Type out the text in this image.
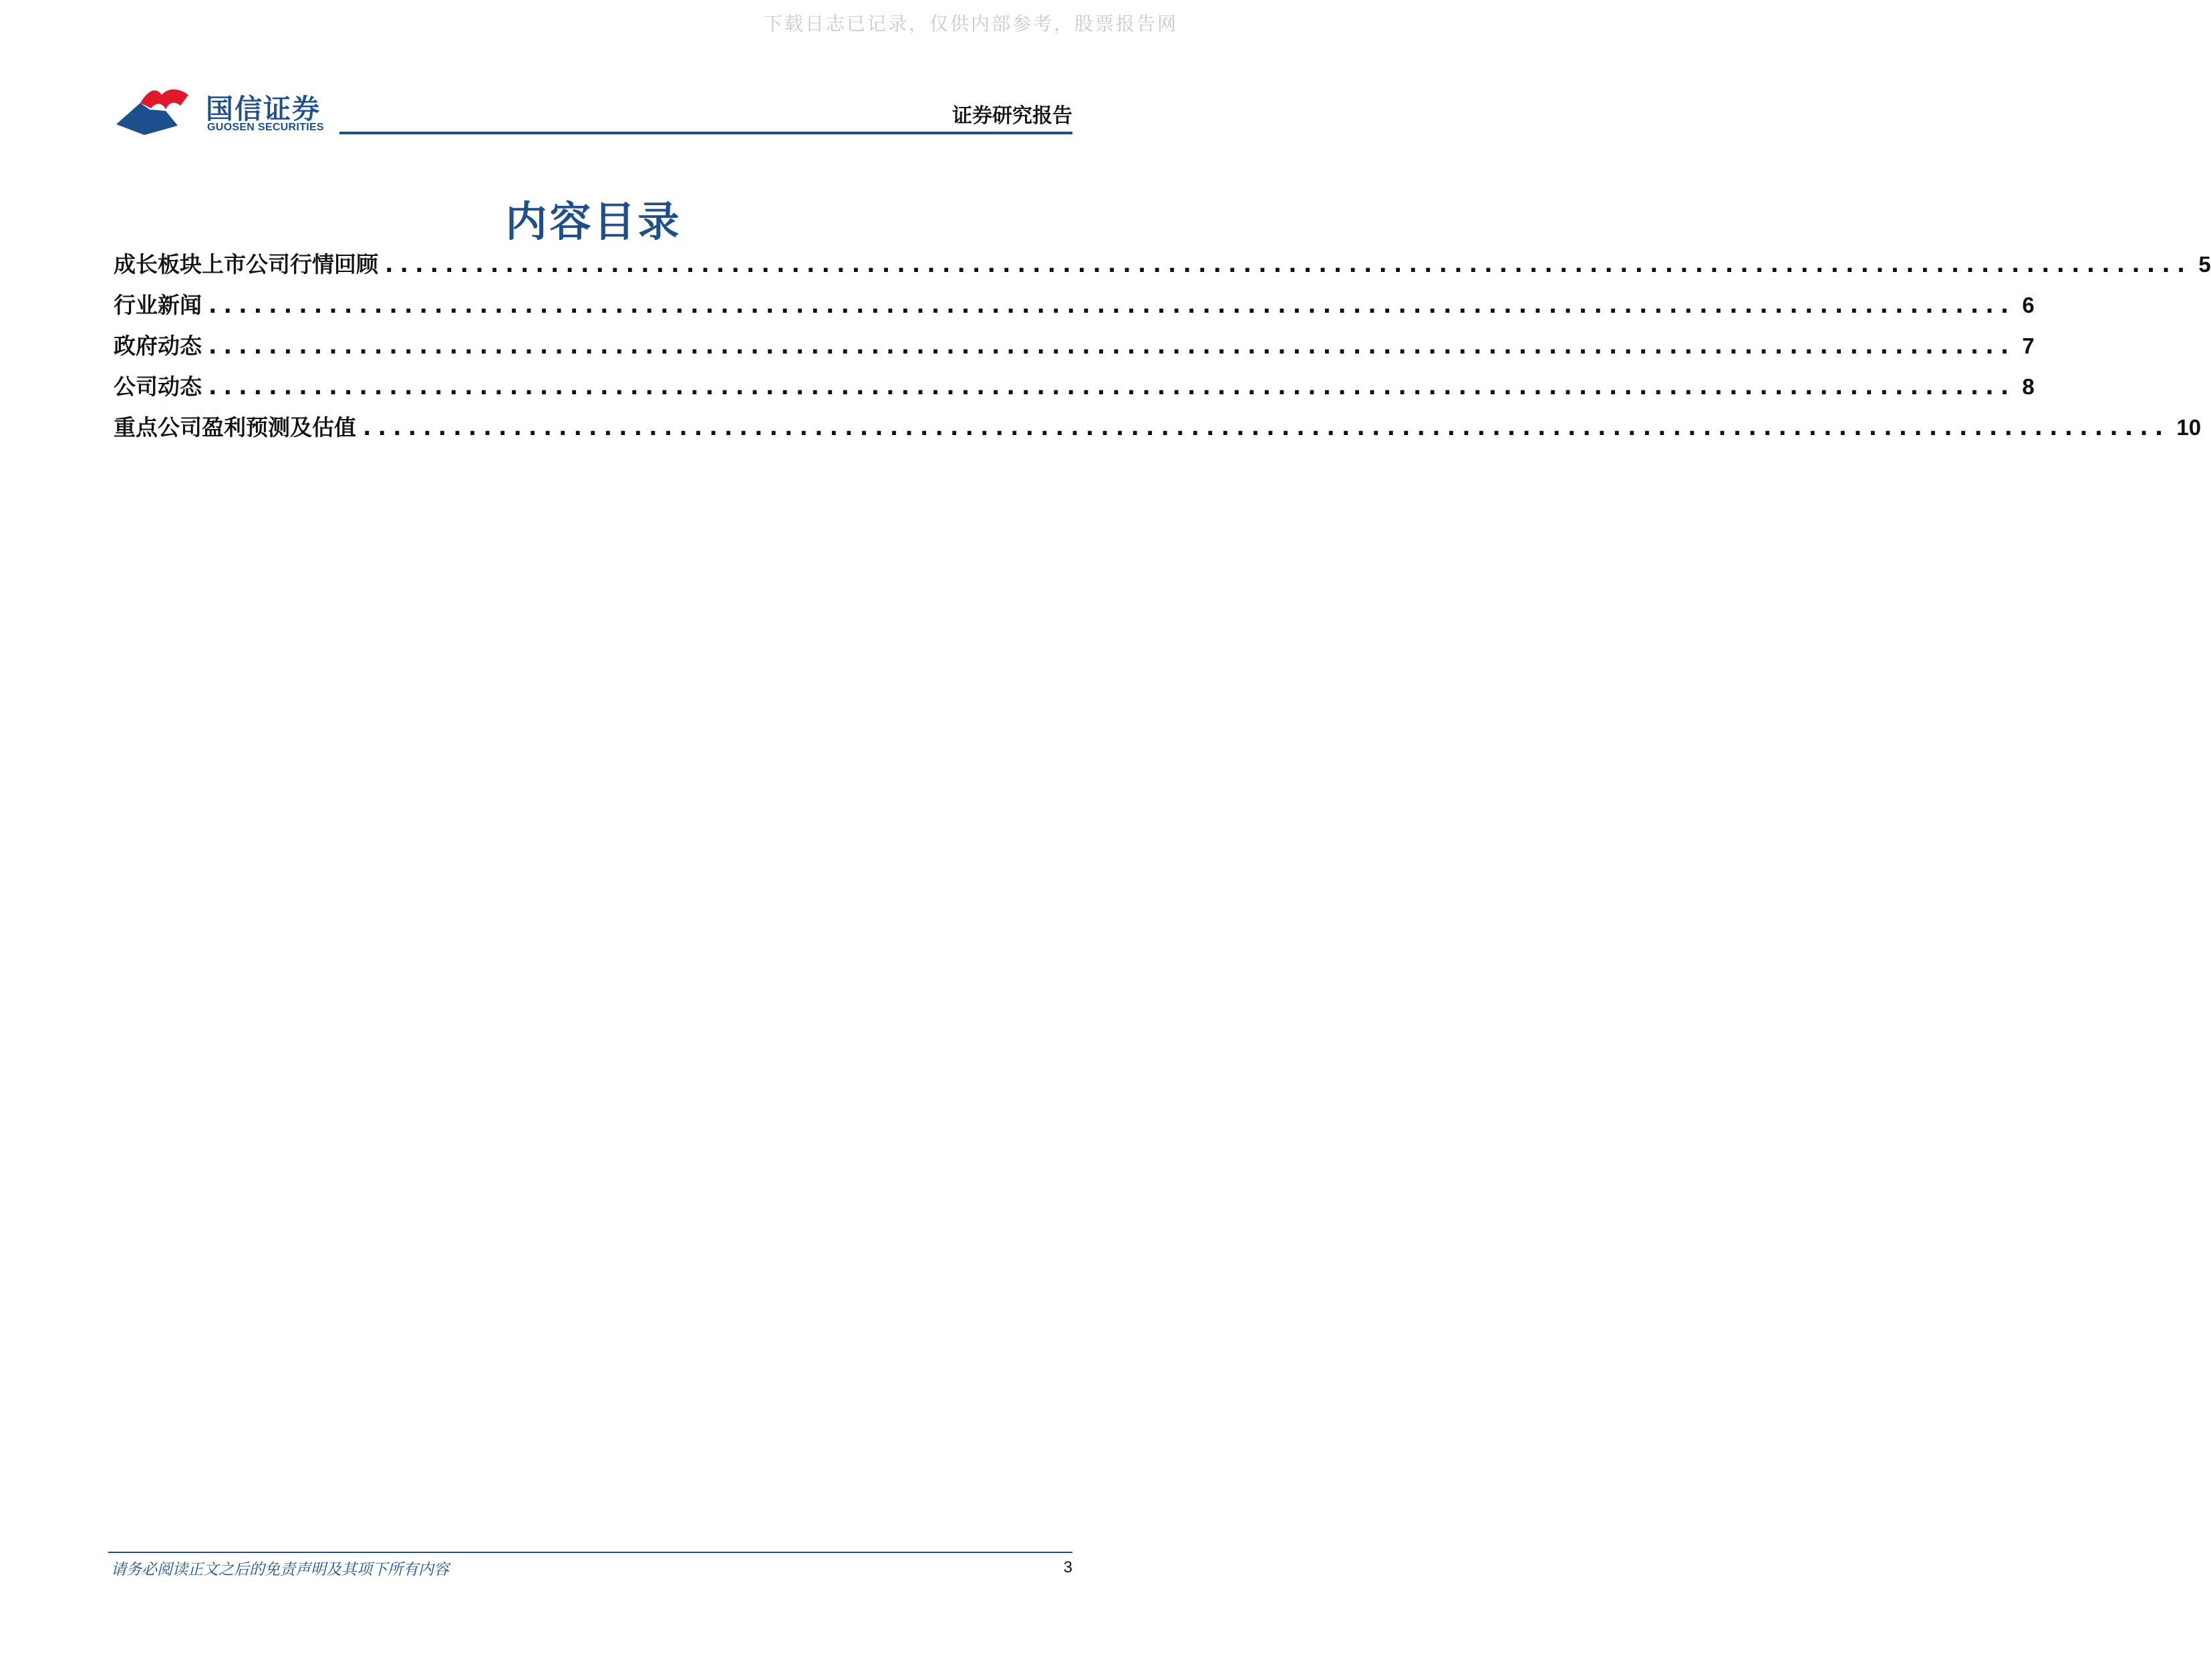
下载日志已记录，仅供内部参考，股票报告网
国信证券
GUOSEN SECURITIES	证券研究报告
内容目录
成长板块上市公司行情回顾 ........................................................................................................................ 5
行业新闻 ........................................................................................................................ 6
政府动态 ........................................................................................................................ 7
公司动态 ........................................................................................................................ 8
重点公司盈利预测及估值 ........................................................................................................................ 10
请务必阅读正文之后的免责声明及其项下所有内容	3
